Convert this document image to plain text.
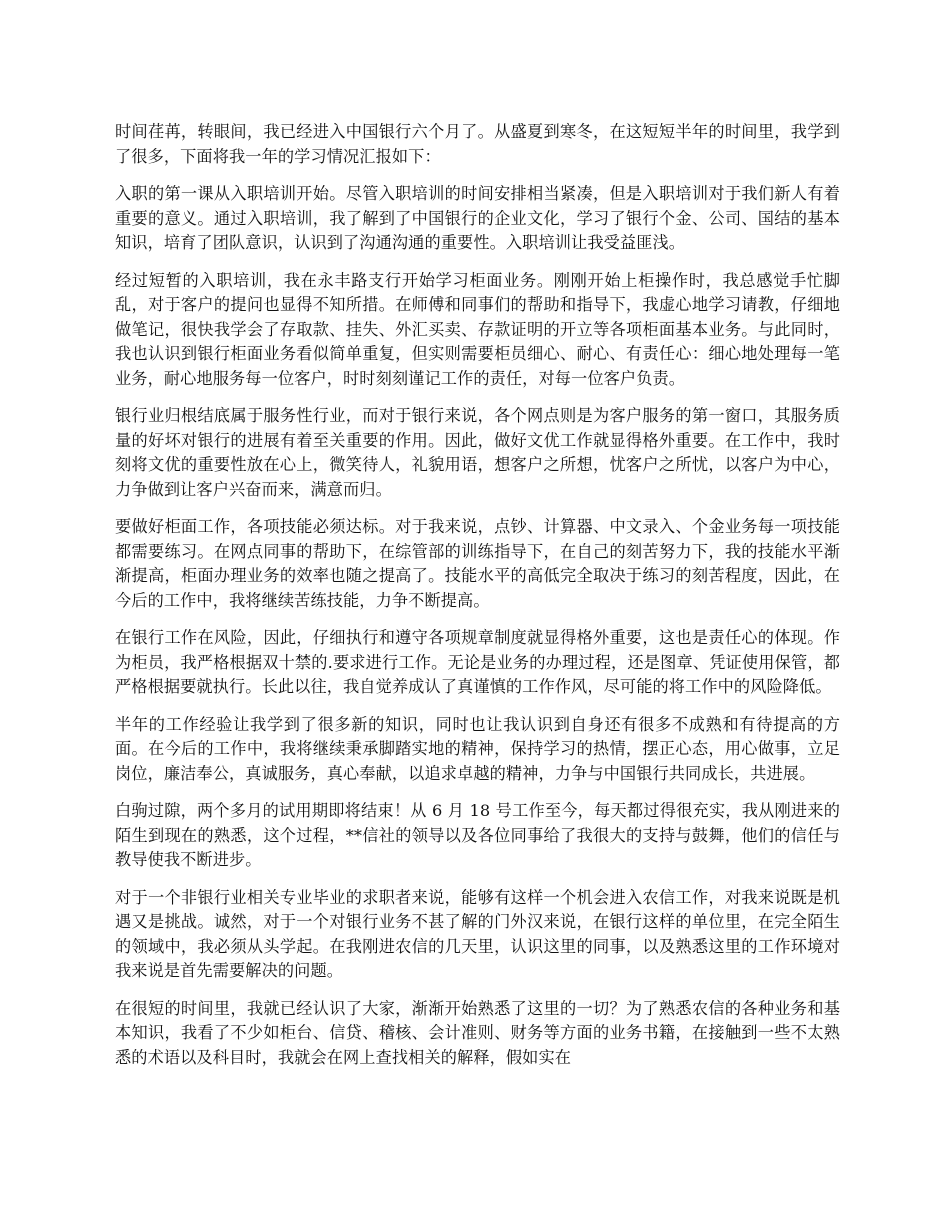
时间荏苒，转眼间，我已经进入中国银行六个月了。从盛夏到寒冬，在这短短半年的时间里，我学到了很多，下面将我一年的学习情况汇报如下：

入职的第一课从入职培训开始。尽管入职培训的时间安排相当紧凑，但是入职培训对于我们新人有着重要的意义。通过入职培训，我了解到了中国银行的企业文化，学习了银行个金、公司、国结的基本知识，培育了团队意识，认识到了沟通沟通的重要性。入职培训让我受益匪浅。

经过短暂的入职培训，我在永丰路支行开始学习柜面业务。刚刚开始上柜操作时，我总感觉手忙脚乱，对于客户的提问也显得不知所措。在师傅和同事们的帮助和指导下，我虚心地学习请教，仔细地做笔记，很快我学会了存取款、挂失、外汇买卖、存款证明的开立等各项柜面基本业务。与此同时，我也认识到银行柜面业务看似简单重复，但实则需要柜员细心、耐心、有责任心：细心地处理每一笔业务，耐心地服务每一位客户，时时刻刻谨记工作的责任，对每一位客户负责。

银行业归根结底属于服务性行业，而对于银行来说，各个网点则是为客户服务的第一窗口，其服务质量的好坏对银行的进展有着至关重要的作用。因此，做好文优工作就显得格外重要。在工作中，我时刻将文优的重要性放在心上，微笑待人，礼貌用语，想客户之所想，忧客户之所忧，以客户为中心，力争做到让客户兴奋而来，满意而归。

要做好柜面工作，各项技能必须达标。对于我来说，点钞、计算器、中文录入、个金业务每一项技能都需要练习。在网点同事的帮助下，在综管部的训练指导下，在自己的刻苦努力下，我的技能水平渐渐提高，柜面办理业务的效率也随之提高了。技能水平的高低完全取决于练习的刻苦程度，因此，在今后的工作中，我将继续苦练技能，力争不断提高。

在银行工作在风险，因此，仔细执行和遵守各项规章制度就显得格外重要，这也是责任心的体现。作为柜员，我严格根据双十禁的.要求进行工作。无论是业务的办理过程，还是图章、凭证使用保管，都严格根据要就执行。长此以往，我自觉养成认了真谨慎的工作作风，尽可能的将工作中的风险降低。

半年的工作经验让我学到了很多新的知识，同时也让我认识到自身还有很多不成熟和有待提高的方面。在今后的工作中，我将继续秉承脚踏实地的精神，保持学习的热情，摆正心态，用心做事，立足岗位，廉洁奉公，真诚服务，真心奉献，以追求卓越的精神，力争与中国银行共同成长，共进展。

白驹过隙，两个多月的试用期即将结束！从 6 月 18 号工作至今，每天都过得很充实，我从刚进来的陌生到现在的熟悉，这个过程，**信社的领导以及各位同事给了我很大的支持与鼓舞，他们的信任与教导使我不断进步。

对于一个非银行业相关专业毕业的求职者来说，能够有这样一个机会进入农信工作，对我来说既是机遇又是挑战。诚然，对于一个对银行业务不甚了解的门外汉来说，在银行这样的单位里，在完全陌生的领域中，我必须从头学起。在我刚进农信的几天里，认识这里的同事，以及熟悉这里的工作环境对我来说是首先需要解决的问题。

在很短的时间里，我就已经认识了大家，渐渐开始熟悉了这里的一切？为了熟悉农信的各种业务和基本知识，我看了不少如柜台、信贷、稽核、会计准则、财务等方面的业务书籍，在接触到一些不太熟悉的术语以及科目时，我就会在网上查找相关的解释，假如实在
